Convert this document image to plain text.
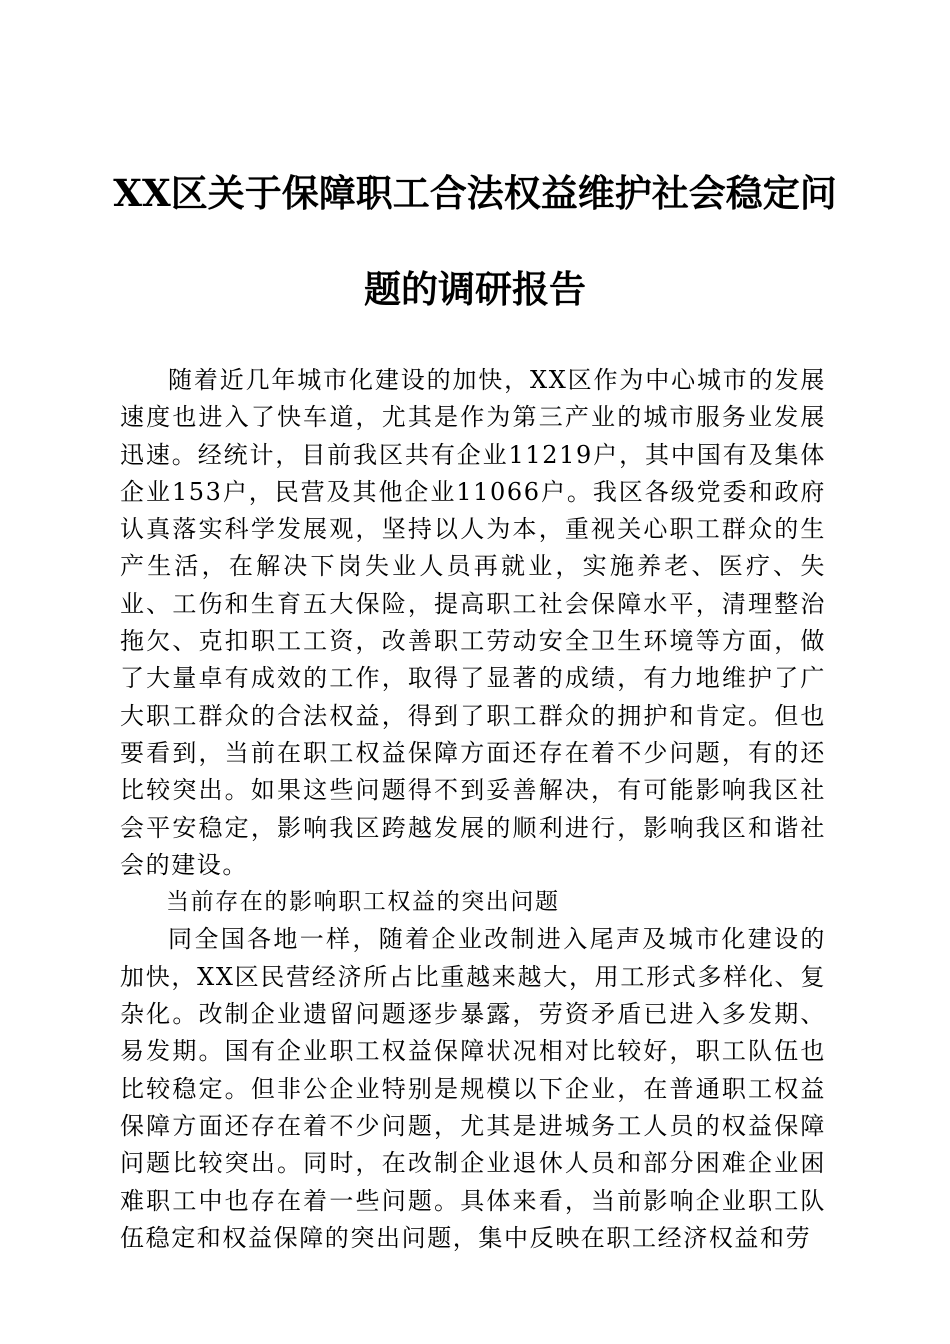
XX区关于保障职工合法权益维护社会稳定问
题的调研报告

随着近几年城市化建设的加快，XX区作为中心城市的发展速度也进入了快车道，尤其是作为第三产业的城市服务业发展迅速。经统计，目前我区共有企业11219户，其中国有及集体企业153户，民营及其他企业11066户。我区各级党委和政府认真落实科学发展观，坚持以人为本，重视关心职工群众的生产生活，在解决下岗失业人员再就业，实施养老、医疗、失业、工伤和生育五大保险，提高职工社会保障水平，清理整治拖欠、克扣职工工资，改善职工劳动安全卫生环境等方面，做了大量卓有成效的工作，取得了显著的成绩，有力地维护了广大职工群众的合法权益，得到了职工群众的拥护和肯定。但也要看到，当前在职工权益保障方面还存在着不少问题，有的还比较突出。如果这些问题得不到妥善解决，有可能影响我区社会平安稳定，影响我区跨越发展的顺利进行，影响我区和谐社会的建设。

当前存在的影响职工权益的突出问题

同全国各地一样，随着企业改制进入尾声及城市化建设的加快，XX区民营经济所占比重越来越大，用工形式多样化、复杂化。改制企业遗留问题逐步暴露，劳资矛盾已进入多发期、易发期。国有企业职工权益保障状况相对比较好，职工队伍也比较稳定。但非公企业特别是规模以下企业，在普通职工权益保障方面还存在着不少问题，尤其是进城务工人员的权益保障问题比较突出。同时，在改制企业退休人员和部分困难企业困难职工中也存在着一些问题。具体来看，当前影响企业职工队伍稳定和权益保障的突出问题，集中反映在职工经济权益和劳
